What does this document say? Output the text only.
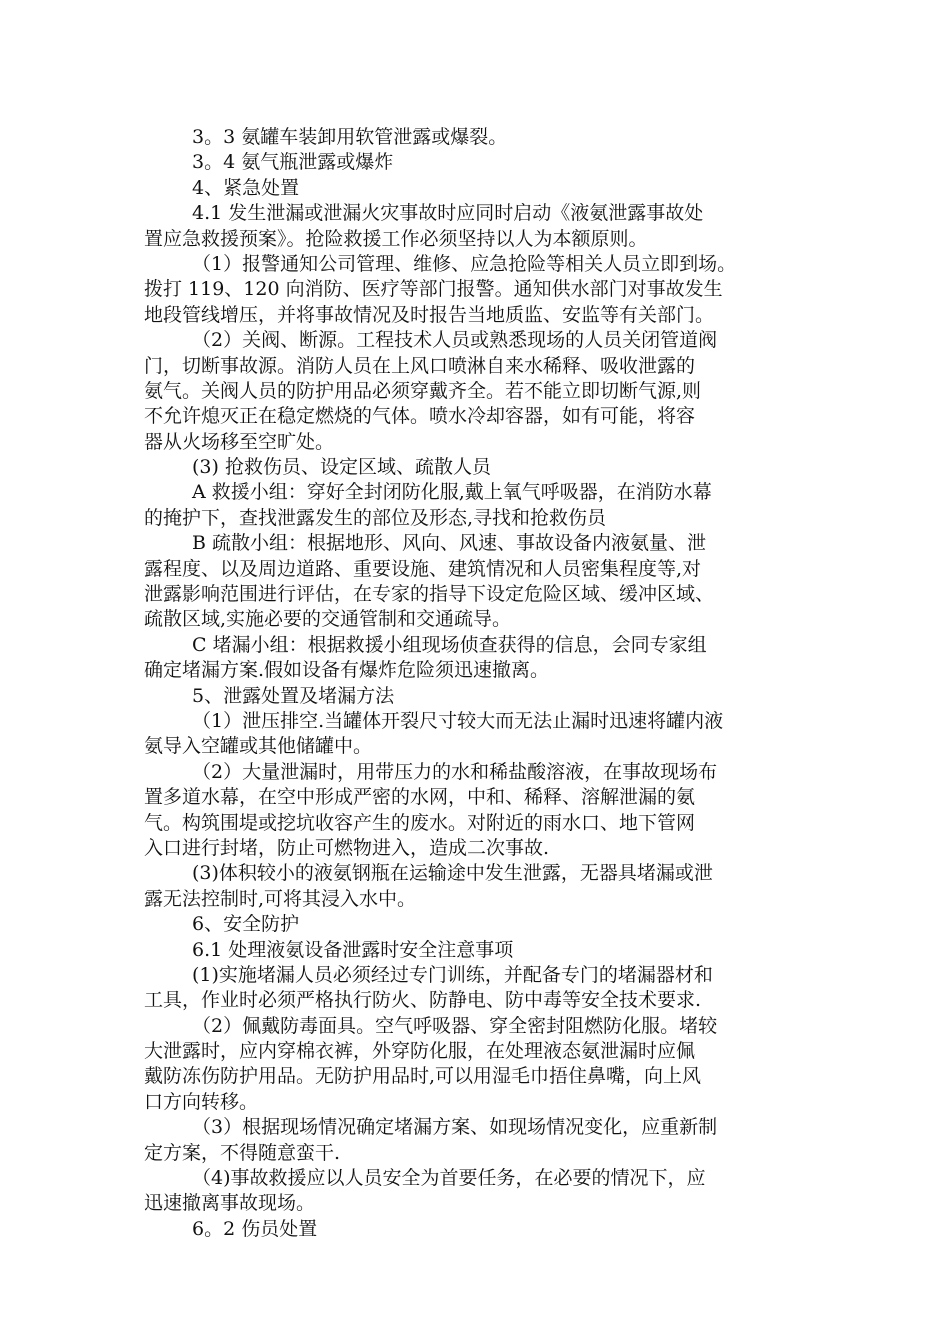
3。3 氨罐车装卸用软管泄露或爆裂。
3。4 氨气瓶泄露或爆炸
4、紧急处置
4.1 发生泄漏或泄漏火灾事故时应同时启动《液氨泄露事故处
置应急救援预案》。抢险救援工作必须坚持以人为本额原则。
（1）报警通知公司管理、维修、应急抢险等相关人员立即到场。
拨打 119、120 向消防、医疗等部门报警。通知供水部门对事故发生
地段管线增压，并将事故情况及时报告当地质监、安监等有关部门。
（2）关阀、断源。工程技术人员或熟悉现场的人员关闭管道阀
门，切断事故源。消防人员在上风口喷淋自来水稀释、吸收泄露的
氨气。关阀人员的防护用品必须穿戴齐全。若不能立即切断气源,则
不允许熄灭正在稳定燃烧的气体。喷水冷却容器，如有可能，将容
器从火场移至空旷处。
(3) 抢救伤员、设定区域、疏散人员
A 救援小组：穿好全封闭防化服,戴上氧气呼吸器，在消防水幕
的掩护下，查找泄露发生的部位及形态,寻找和抢救伤员
B 疏散小组：根据地形、风向、风速、事故设备内液氨量、泄
露程度、以及周边道路、重要设施、建筑情况和人员密集程度等,对
泄露影响范围进行评估，在专家的指导下设定危险区域、缓冲区域、
疏散区域,实施必要的交通管制和交通疏导。
C 堵漏小组：根据救援小组现场侦查获得的信息，会同专家组
确定堵漏方案.假如设备有爆炸危险须迅速撤离。
5、泄露处置及堵漏方法
（1）泄压排空.当罐体开裂尺寸较大而无法止漏时迅速将罐内液
氨导入空罐或其他储罐中。
（2）大量泄漏时，用带压力的水和稀盐酸溶液，在事故现场布
置多道水幕，在空中形成严密的水网，中和、稀释、溶解泄漏的氨
气。构筑围堤或挖坑收容产生的废水。对附近的雨水口、地下管网
入口进行封堵，防止可燃物进入，造成二次事故.
(3)体积较小的液氨钢瓶在运输途中发生泄露，无器具堵漏或泄
露无法控制时,可将其浸入水中。
6、安全防护
6.1 处理液氨设备泄露时安全注意事项
(1)实施堵漏人员必须经过专门训练，并配备专门的堵漏器材和
工具，作业时必须严格执行防火、防静电、防中毒等安全技术要求.
（2）佩戴防毒面具。空气呼吸器、穿全密封阻燃防化服。堵较
大泄露时，应内穿棉衣裤，外穿防化服，在处理液态氨泄漏时应佩
戴防冻伤防护用品。无防护用品时,可以用湿毛巾捂住鼻嘴，向上风
口方向转移。
（3）根据现场情况确定堵漏方案、如现场情况变化，应重新制
定方案，不得随意蛮干.
（4)事故救援应以人员安全为首要任务，在必要的情况下，应
迅速撤离事故现场。
6。2 伤员处置
